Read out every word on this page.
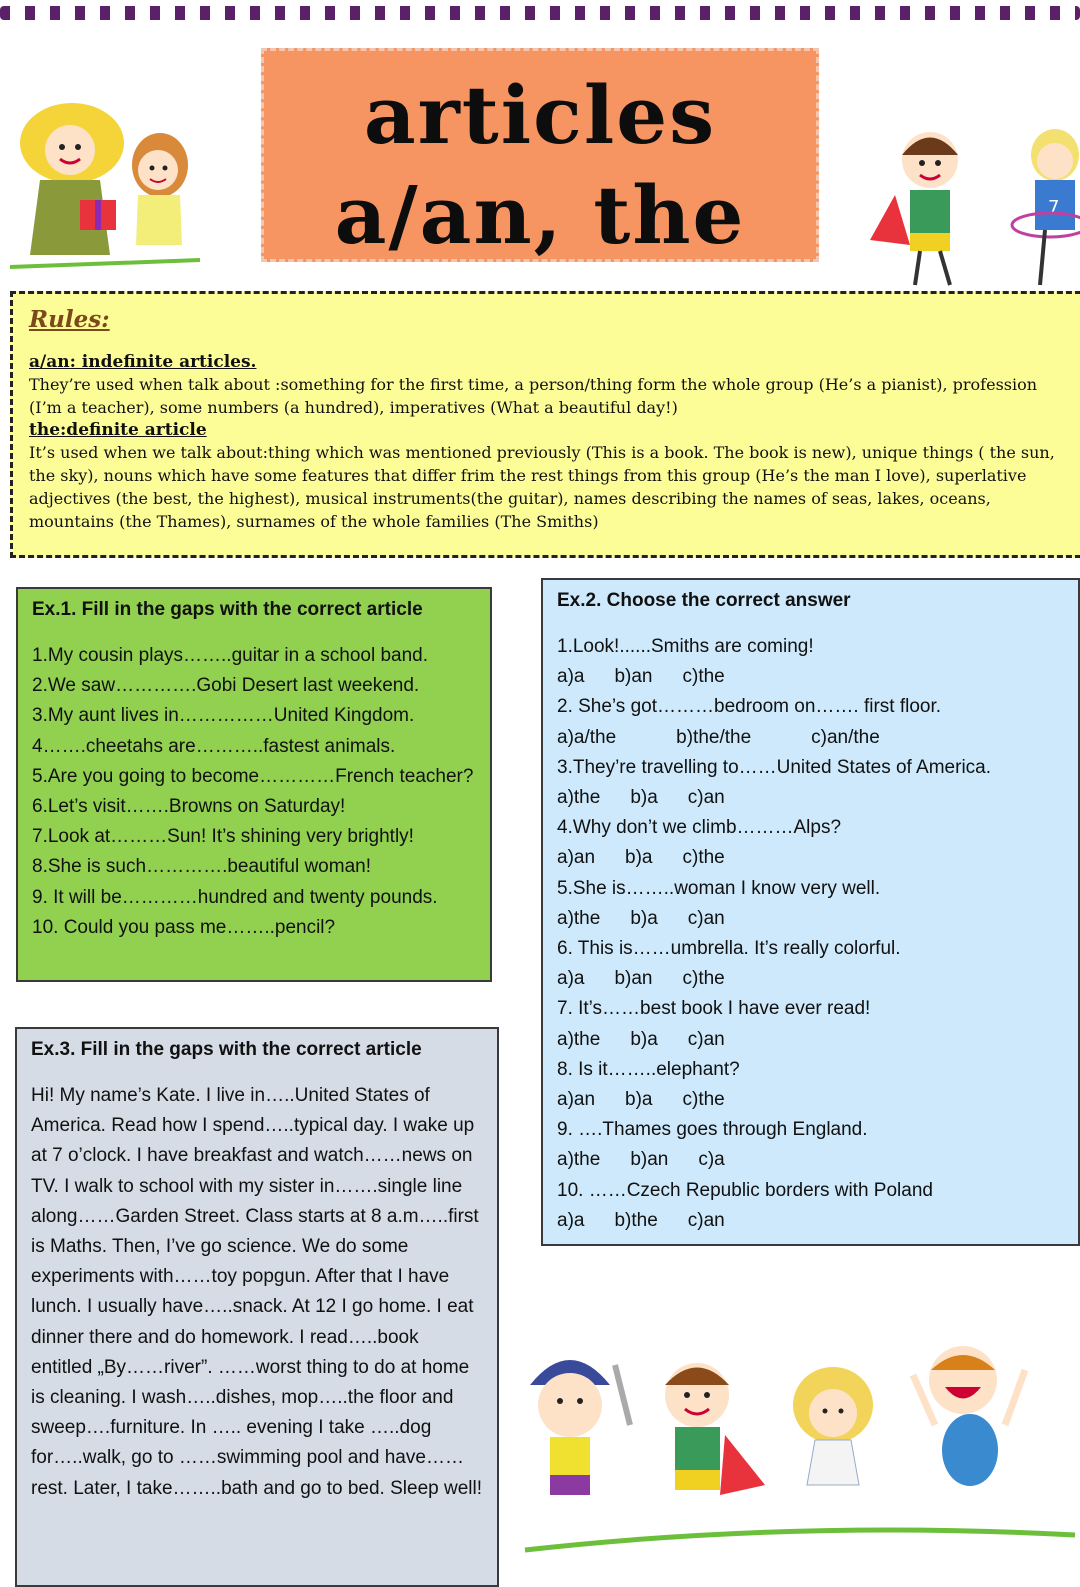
articles
a/an, the	7

Rules:

a/an: indefinite articles.

They’re used when talk about :something for the first time, a person/thing form the whole group (He’s a pianist), profession (I’m a teacher), some numbers (a hundred), imperatives (What a beautiful day!)

the:definite article

It’s used when we talk about:thing which was mentioned previously (This is a book. The book is new), unique things ( the sun, the sky), nouns which have some features that differ frim the rest things from this group (He’s the man I love), superlative adjectives (the best, the highest), musical instruments(the guitar), names describing the names of seas, lakes, oceans, mountains (the Thames), surnames of the whole families (The Smiths)

Ex.1. Fill in the gaps with the correct article

1.My cousin plays……..guitar in a school band.
2.We saw………….Gobi Desert last weekend.
3.My aunt lives in……………United Kingdom.
4…….cheetahs are………..fastest animals.
5.Are you going to become…………French teacher?
6.Let’s visit…….Browns on Saturday!
7.Look at………Sun! It’s shining very brightly!
8.She is such………….beautiful woman!
9. It will be…………hundred and twenty pounds.
10. Could you pass me……..pencil?

Ex.2. Choose the correct answer

1.Look!......Smiths are coming!
a)a b)an c)the
2. She’s got………bedroom on……. first floor.
a)a/the	b)the/the	c)an/the
3.They’re travelling to……United States of America.
a)the b)a c)an
4.Why don’t we climb………Alps?
a)an b)a c)the
5.She is……..woman I know very well.
a)the b)a c)an
6. This is……umbrella. It’s really colorful.
a)a b)an c)the
7. It’s……best book I have ever read!
a)the b)a c)an
8. Is it……..elephant?
a)an b)a c)the
9. ….Thames goes through England.
a)the b)an c)a
10. ……Czech Republic borders with Poland
a)a b)the c)an

Ex.3. Fill in the gaps with the correct article

Hi! My name’s Kate. I live in…..United States of America. Read how I spend…..typical day. I wake up at 7 o’clock. I have breakfast and watch……news on TV. I walk to school with my sister in…….single line along……Garden Street. Class starts at 8 a.m…..first is Maths. Then, I’ve go science. We do some experiments with……toy popgun. After that I have lunch. I usually have…..snack. At 12 I go home. I eat dinner there and do homework. I read…..book entitled „By……river”. ……worst thing to do at home is cleaning. I wash…..dishes, mop…..the floor and sweep….furniture. In ….. evening I take …..dog for…..walk, go to ……swimming pool and have……rest. Later, I take……..bath and go to bed. Sleep well!
